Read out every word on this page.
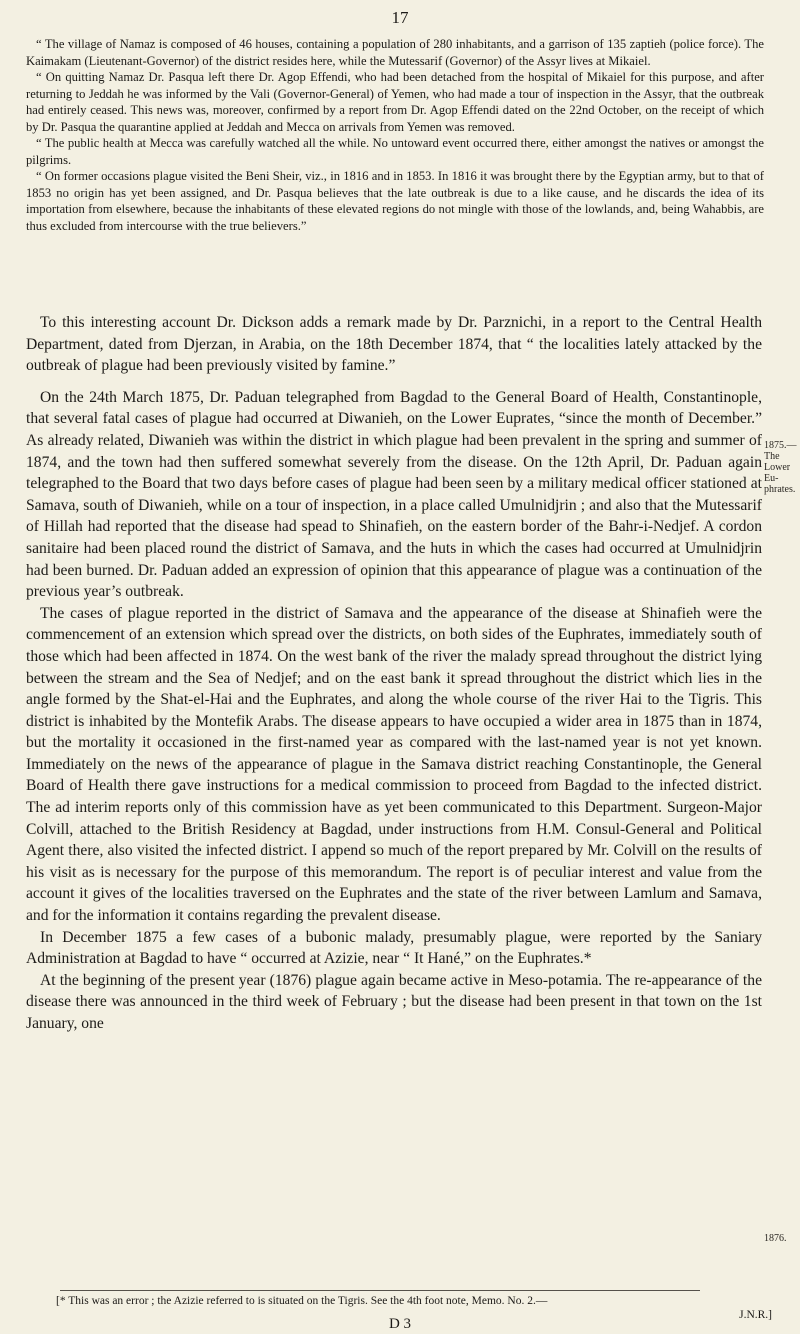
17

“ The village of Namaz is composed of 46 houses, containing a population of 280 inhabitants, and a garrison of 135 zaptieh (police force). The Kaimakam (Lieutenant-Governor) of the district resides here, while the Mutessarif (Governor) of the Assyr lives at Mikaiel.

“ On quitting Namaz Dr. Pasqua left there Dr. Agop Effendi, who had been detached from the hospital of Mikaiel for this purpose, and after returning to Jeddah he was informed by the Vali (Governor-General) of Yemen, who had made a tour of inspection in the Assyr, that the outbreak had entirely ceased. This news was, moreover, confirmed by a report from Dr. Agop Effendi dated on the 22nd October, on the receipt of which by Dr. Pasqua the quarantine applied at Jeddah and Mecca on arrivals from Yemen was removed.

“ The public health at Mecca was carefully watched all the while. No untoward event occurred there, either amongst the natives or amongst the pilgrims.

“ On former occasions plague visited the Beni Sheir, viz., in 1816 and in 1853. In 1816 it was brought there by the Egyptian army, but to that of 1853 no origin has yet been assigned, and Dr. Pasqua believes that the late outbreak is due to a like cause, and he discards the idea of its importation from elsewhere, because the inhabitants of these elevated regions do not mingle with those of the lowlands, and, being Wahabbis, are thus excluded from intercourse with the true believers.”

To this interesting account Dr. Dickson adds a remark made by Dr. Parznichi, in a report to the Central Health Department, dated from Djerzan, in Arabia, on the 18th December 1874, that “ the localities lately attacked by the outbreak of plague had been previously visited by famine.”

On the 24th March 1875, Dr. Paduan telegraphed from Bagdad to the General Board of Health, Constantinople, that several fatal cases of plague had occurred at Diwanieh, on the Lower Euprates, “since the month of December.” As already related, Diwanieh was within the district in which plague had been prevalent in the spring and summer of 1874, and the town had then suffered somewhat severely from the disease. On the 12th April, Dr. Paduan again telegraphed to the Board that two days before cases of plague had been seen by a military medical officer stationed at Samava, south of Diwanieh, while on a tour of inspection, in a place called Umulnidjrin ; and also that the Mutessarif of Hillah had reported that the disease had spead to Shinafieh, on the eastern border of the Bahr-i-Nedjef. A cordon sanitaire had been placed round the district of Samava, and the huts in which the cases had occurred at Umulnidjrin had been burned. Dr. Paduan added an expression of opinion that this appearance of plague was a continuation of the previous year’s outbreak.

The cases of plague reported in the district of Samava and the appearance of the disease at Shinafieh were the commencement of an extension which spread over the districts, on both sides of the Euphrates, immediately south of those which had been affected in 1874. On the west bank of the river the malady spread throughout the district lying between the stream and the Sea of Nedjef; and on the east bank it spread throughout the district which lies in the angle formed by the Shat-el-Hai and the Euphrates, and along the whole course of the river Hai to the Tigris. This district is inhabited by the Montefik Arabs. The disease appears to have occupied a wider area in 1875 than in 1874, but the mortality it occasioned in the first-named year as compared with the last-named year is not yet known. Immediately on the news of the appearance of plague in the Samava district reaching Constantinople, the General Board of Health there gave instructions for a medical commission to proceed from Bagdad to the infected district. The ad interim reports only of this commission have as yet been communicated to this Department. Surgeon-Major Colvill, attached to the British Residency at Bagdad, under instructions from H.M. Consul-General and Political Agent there, also visited the infected district. I append so much of the report prepared by Mr. Colvill on the results of his visit as is necessary for the purpose of this memorandum. The report is of peculiar interest and value from the account it gives of the localities traversed on the Euphrates and the state of the river between Lamlum and Samava, and for the information it contains regarding the prevalent disease.

In December 1875 a few cases of a bubonic malady, presumably plague, were reported by the Saniary Administration at Bagdad to have “ occurred at Azizie, near “ It Hané,” on the Euphrates.*

At the beginning of the present year (1876) plague again became active in Meso-potamia. The re-appearance of the disease there was announced in the third week of February ; but the disease had been present in that town on the 1st January, one

1875.—The Lower Eu-phrates.
1876.
[* This was an error ; the Azizie referred to is situated on the Tigris. See the 4th foot note, Memo. No. 2.—
J.N.R.]
D 3
